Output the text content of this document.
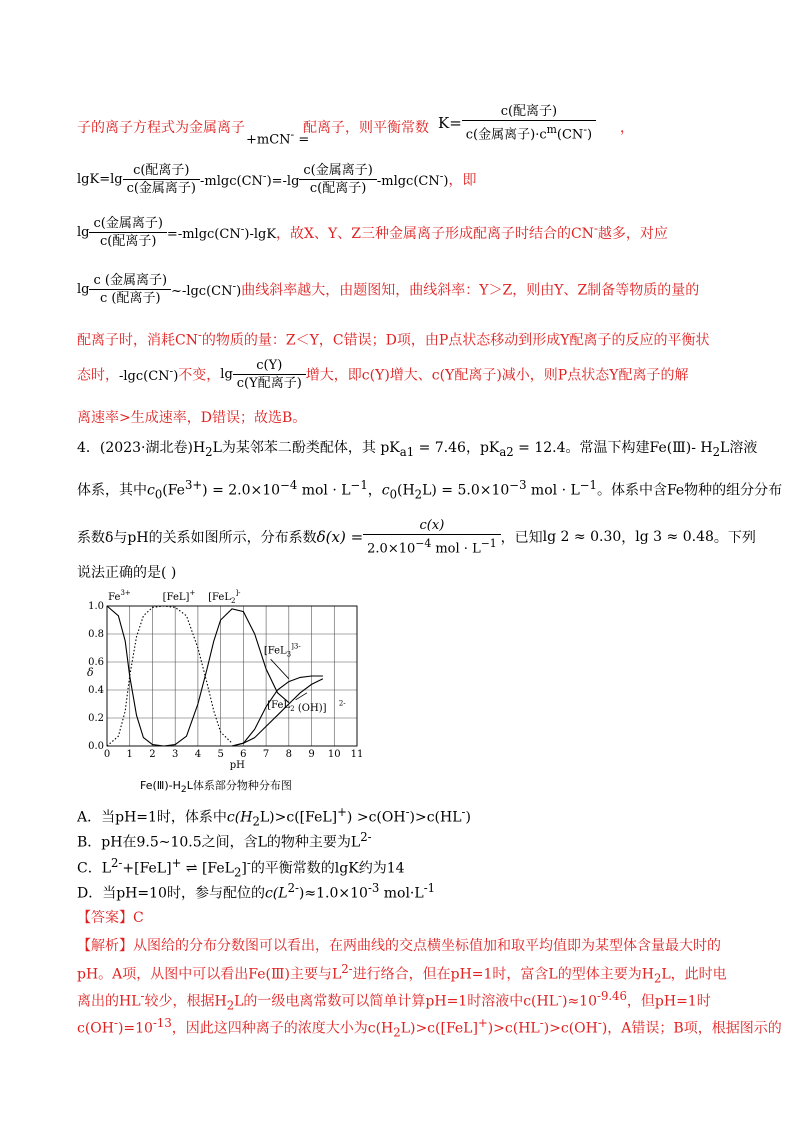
子的离子方程式为金属离子
+mCN- =
配离子，则平衡常数 $K= \frac{\text{c(配离子)}}{c(金属离子)\cdot c^m(CN^-)}$ ，
$\lg K=\lg \frac{\text{c(配离子)}}{\text{c(金属离子)}} -mlgc(CN^-)=-\lg \frac{\text{c(金属离子)}}{\text{c(配离子)}} -mlgc(CN^-)$，即
$\lg \frac{\text{c(金属离子)}}{\text{c(配离子)}} =-mlgc(CN^-)-\lg K$，故X、Y、Z三种金属离子形成配离子时结合的CN-越多，对应
$\lg \frac{\text{c (金属离子)}}{\text{c (配离子)}}$ ~-lgc(CN-)曲线斜率越大，由题图知，曲线斜率：Y＞Z，则由Y、Z制备等物质的量的
配离子时，消耗CN-的物质的量：Z＜Y，C错误；D项，由P点状态移动到形成Y配离子的反应的平衡状
态时，-lgc(CN-)不变，$\lg \frac{c(Y)}{\text{c(Y配离子)}}$ 增大，即c(Y)增大、c(Y配离子)减小，则P点状态Y配离子的解
离速率>生成速率，D错误；故选B。
4．(2023·湖北卷)$H_2L$为某邻苯二酚类配体，其 $pK_{a1} = 7.46$，$pK_{a2} = 12.4$。常温下构建Fe(Ⅲ)- $H_2L$溶液
体系，其中$c_0(Fe^{3+}) = 2.0\times 10^{-4}$ mol · $L^{-1}$，$c_0(H_2L) = 5.0\times 10^{-3}$ mol · $L^{-1}$。体系中含Fe物种的组分分布
系数δ与pH的关系如图所示，分布系数$\delta(x) = \frac{c(x)}{2.0\times 10^{-4} mol \cdot L^{-1}}$ ，已知lg 2 ≈ 0.30，lg 3 ≈ 0.48。下列
说法正确的是( )
0 1 2 3 4 5 6 7 8 9 10 11
0.0
0.2
0.4
0.6
0.8
1.0
pH
δ
$Fe^{3+}$	[FeL]+ [FeL$_2$]-
[FeL$_3^{]3-}$
[FeL$_2$ (OH)] 2-
$Fe(Ⅲ)-H_2L$体系部分物种分布图
A．当pH=1时，体系中$c(H_2L)>c([FeL]^+) >c(OH^-)>c(HL^-)$
B．pH在9.5~10.5之间，含L的物种主要为$L^{2-}$
C．$L^{2-}+[FeL]^+$ ⇌ [FeL$_2$]-的平衡常数的lgK约为14
D．当pH=10时，参与配位的$c(L^{2-})\approx 1.0\times 10^{-3}$ $mol\cdot L^{-1}$
【答案】C
【解析】从图给的分布分数图可以看出，在两曲线的交点横坐标值加和取平均值即为某型体含量最大时的
pH。A项，从图中可以看出Fe(Ⅲ)主要与$L^{2-}$进行络合，但在pH=1时，富含L的型体主要为$H_2L$，此时电
离出的HL-较少，根据$H_2L$的一级电离常数可以简单计算pH=1时溶液中$c(HL^-)\approx 10^{-9.46}$，但pH=1时
$c(OH^-)=10^{-13}$，因此这四种离子的浓度大小为$c(H_2L)>c([FeL]^+)>c(HL^-)>c(OH^-)$，A错误；B项，根据图示的
